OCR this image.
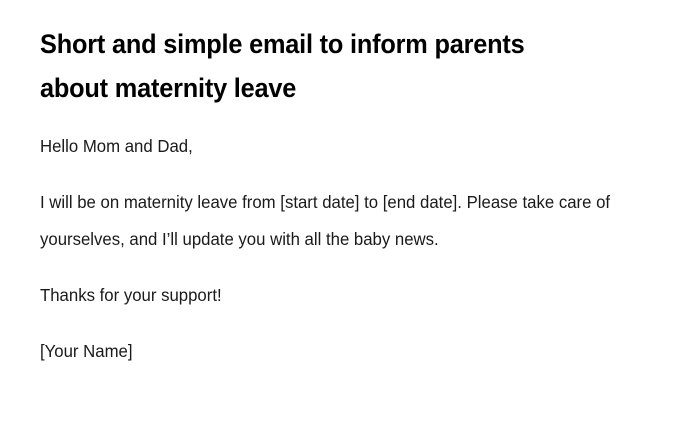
Short and simple email to inform parents about maternity leave

Hello Mom and Dad,

I will be on maternity leave from [start date] to [end date]. Please take care of yourselves, and I’ll update you with all the baby news.

Thanks for your support!

[Your Name]
